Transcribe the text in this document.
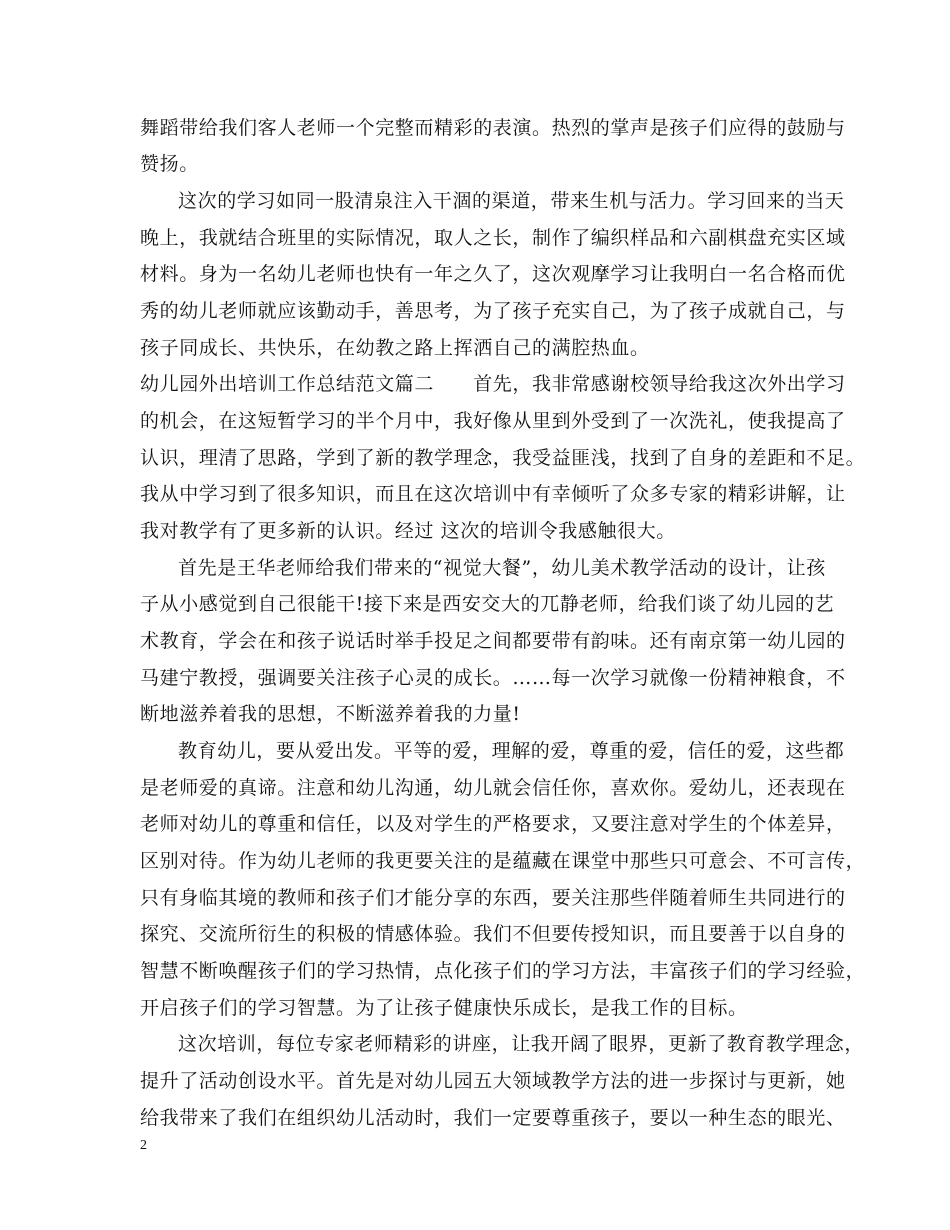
舞蹈带给我们客人老师一个完整而精彩的表演。热烈的掌声是孩子们应得的鼓励与
赞扬。
这次的学习如同一股清泉注入干涸的渠道，带来生机与活力。学习回来的当天
晚上，我就结合班里的实际情况，取人之长，制作了编织样品和六副棋盘充实区域
材料。身为一名幼儿老师也快有一年之久了，这次观摩学习让我明白一名合格而优
秀的幼儿老师就应该勤动手，善思考，为了孩子充实自己，为了孩子成就自己，与
孩子同成长、共快乐，在幼教之路上挥洒自己的满腔热血。
幼儿园外出培训工作总结范文篇二　　首先，我非常感谢校领导给我这次外出学习
的机会，在这短暂学习的半个月中，我好像从里到外受到了一次洗礼，使我提高了
认识，理清了思路，学到了新的教学理念，我受益匪浅，找到了自身的差距和不足。
我从中学习到了很多知识，而且在这次培训中有幸倾听了众多专家的精彩讲解，让
我对教学有了更多新的认识。经过 这次的培训令我感触很大。
首先是王华老师给我们带来的“视觉大餐”，幼儿美术教学活动的设计，让孩
子从小感觉到自己很能干!接下来是西安交大的兀静老师，给我们谈了幼儿园的艺
术教育，学会在和孩子说话时举手投足之间都要带有韵味。还有南京第一幼儿园的
马建宁教授，强调要关注孩子心灵的成长。……每一次学习就像一份精神粮食，不
断地滋养着我的思想，不断滋养着我的力量!
教育幼儿，要从爱出发。平等的爱，理解的爱，尊重的爱，信任的爱，这些都
是老师爱的真谛。注意和幼儿沟通，幼儿就会信任你，喜欢你。爱幼儿，还表现在
老师对幼儿的尊重和信任，以及对学生的严格要求，又要注意对学生的个体差异，
区别对待。作为幼儿老师的我更要关注的是蕴藏在课堂中那些只可意会、不可言传，
只有身临其境的教师和孩子们才能分享的东西，要关注那些伴随着师生共同进行的
探究、交流所衍生的积极的情感体验。我们不但要传授知识，而且要善于以自身的
智慧不断唤醒孩子们的学习热情，点化孩子们的学习方法，丰富孩子们的学习经验，
开启孩子们的学习智慧。为了让孩子健康快乐成长，是我工作的目标。
这次培训，每位专家老师精彩的讲座，让我开阔了眼界，更新了教育教学理念，
提升了活动创设水平。首先是对幼儿园五大领域教学方法的进一步探讨与更新，她
给我带来了我们在组织幼儿活动时，我们一定要尊重孩子，要以一种生态的眼光、
2
